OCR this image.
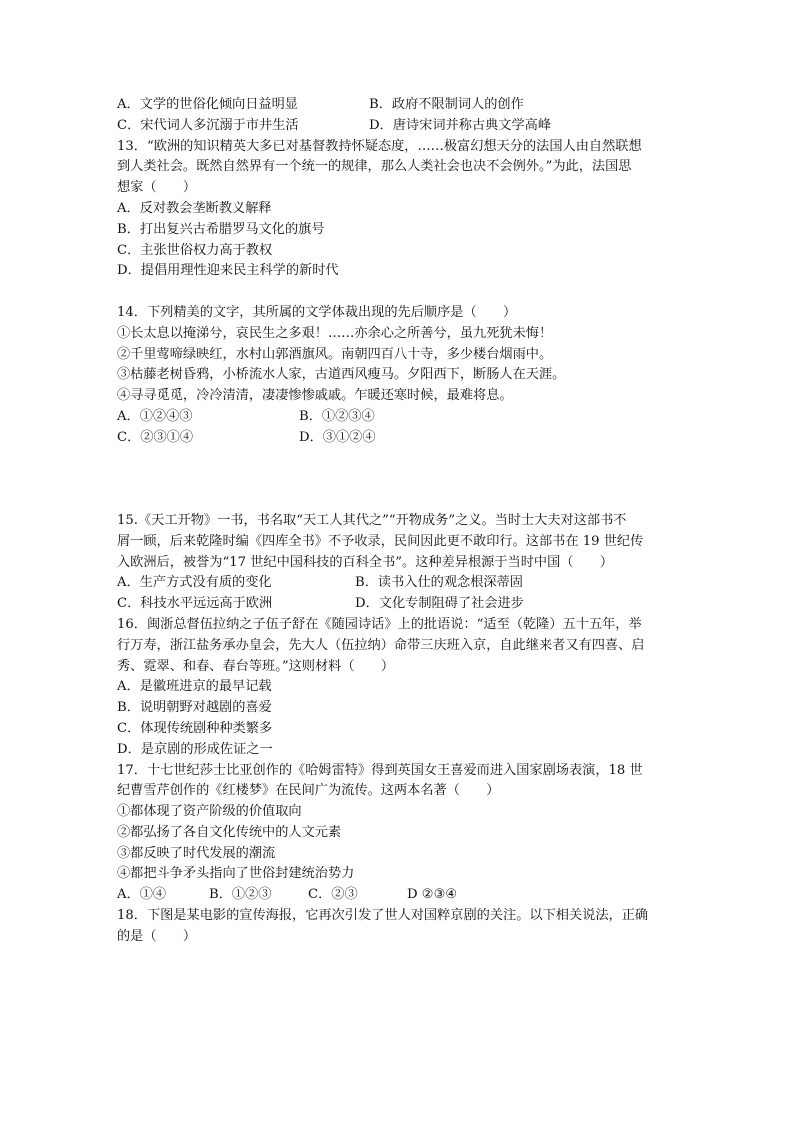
A．文学的世俗化倾向日益明显	B．政府不限制词人的创作
C．宋代词人多沉溺于市井生活	D．唐诗宋词并称古典文学高峰
13．“欧洲的知识精英大多已对基督教持怀疑态度，……极富幻想天分的法国人由自然联想
到人类社会。既然自然界有一个统一的规律，那么人类社会也决不会例外。”为此，法国思
想家（　　）
A．反对教会垄断教义解释
B．打出复兴古希腊罗马文化的旗号
C．主张世俗权力高于教权
D．提倡用理性迎来民主科学的新时代
14．下列精美的文字，其所属的文学体裁出现的先后顺序是（　　）
①长太息以掩涕兮，哀民生之多艰！……亦余心之所善兮，虽九死犹未悔！
②千里莺啼绿映红，水村山郭酒旗风。南朝四百八十寺，多少楼台烟雨中。
③枯藤老树昏鸦，小桥流水人家，古道西风瘦马。夕阳西下，断肠人在天涯。
④寻寻觅觅，冷冷清清，凄凄惨惨戚戚。乍暖还寒时候，最难将息。
A．①②④③	B．①②③④
C．②③①④	D．③①②④
15.《天工开物》一书，书名取“天工人其代之”“开物成务”之义。当时士大夫对这部书不
屑一顾，后来乾隆时编《四库全书》不予收录，民间因此更不敢印行。这部书在 19 世纪传
入欧洲后，被誉为“17 世纪中国科技的百科全书”。这种差异根源于当时中国（　　）
A．生产方式没有质的变化	B．读书入仕的观念根深蒂固
C．科技水平远远高于欧洲	D．文化专制阻碍了社会进步
16．闽浙总督伍拉纳之子伍子舒在《随园诗话》上的批语说：“适至（乾隆）五十五年，举
行万寿，浙江盐务承办皇会，先大人（伍拉纳）命带三庆班入京，自此继来者又有四喜、启
秀、霓翠、和春、春台等班。”这则材料（　　）
A．是徽班进京的最早记载
B．说明朝野对越剧的喜爱
C．体现传统剧种种类繁多
D．是京剧的形成佐证之一
17．十七世纪莎士比亚创作的《哈姆雷特》得到英国女王喜爱而进入国家剧场表演，18 世
纪曹雪芹创作的《红楼梦》在民间广为流传。这两本名著（　　）
①都体现了资产阶级的价值取向
②都弘扬了各自文化传统中的人文元素
③都反映了时代发展的潮流
④都把斗争矛头指向了世俗封建统治势力
A．①④	B．①②③	C．②③	D ②③④
18．下图是某电影的宣传海报，它再次引发了世人对国粹京剧的关注。以下相关说法，正确
的是（　　）
